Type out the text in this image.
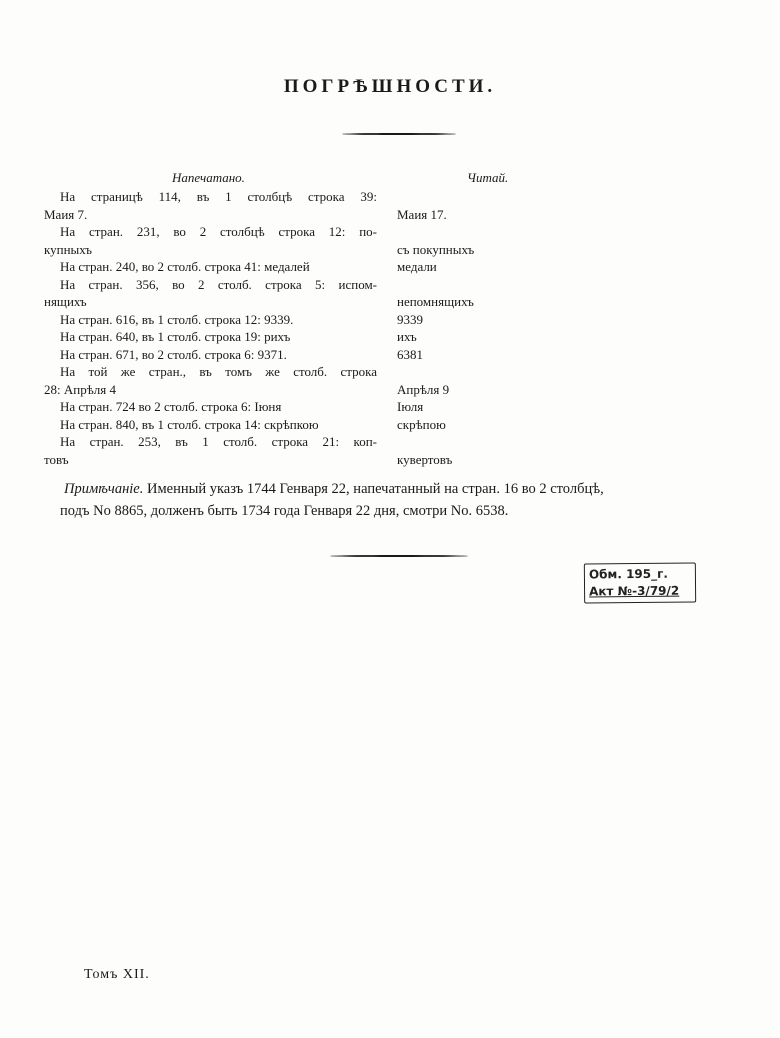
ПОГРѢШНОСТИ.
Напечатано.	Читай.
На страницѣ 114, въ 1 столбцѣ строка 39:
Маия 7.	Маия 17.
На стран. 231, во 2 столбцѣ строка 12: по-
купныхъ	съ покупныхъ
На стран. 240, во 2 столб. строка 41: медалей	медали
На стран. 356, во 2 столб. строка 5: испом-
нящихъ	непомнящихъ
На стран. 616, въ 1 столб. строка 12: 9339.	9339
На стран. 640, въ 1 столб. строка 19: рихъ	ихъ
На стран. 671, во 2 столб. строка 6: 9371.	6381
На той же стран., въ томъ же столб. строка
28: Апрѣля 4	Апрѣля 9
На стран. 724 во 2 столб. строка 6: Іюня	Іюля
На стран. 840, въ 1 столб. строка 14: скрѣпкою	скрѣпою
На стран. 253, въ 1 столб. строка 21: коп-
товъ	кувертовъ
Примѣчаніе. Именный указъ 1744 Генваря 22, напечатанный на стран. 16 во 2 столбцѣ,
подъ No 8865, долженъ быть 1734 года Генваря 22 дня, смотри No. 6538.
Обм. 195_г.
Акт №-3/79/2
Томъ XII.
